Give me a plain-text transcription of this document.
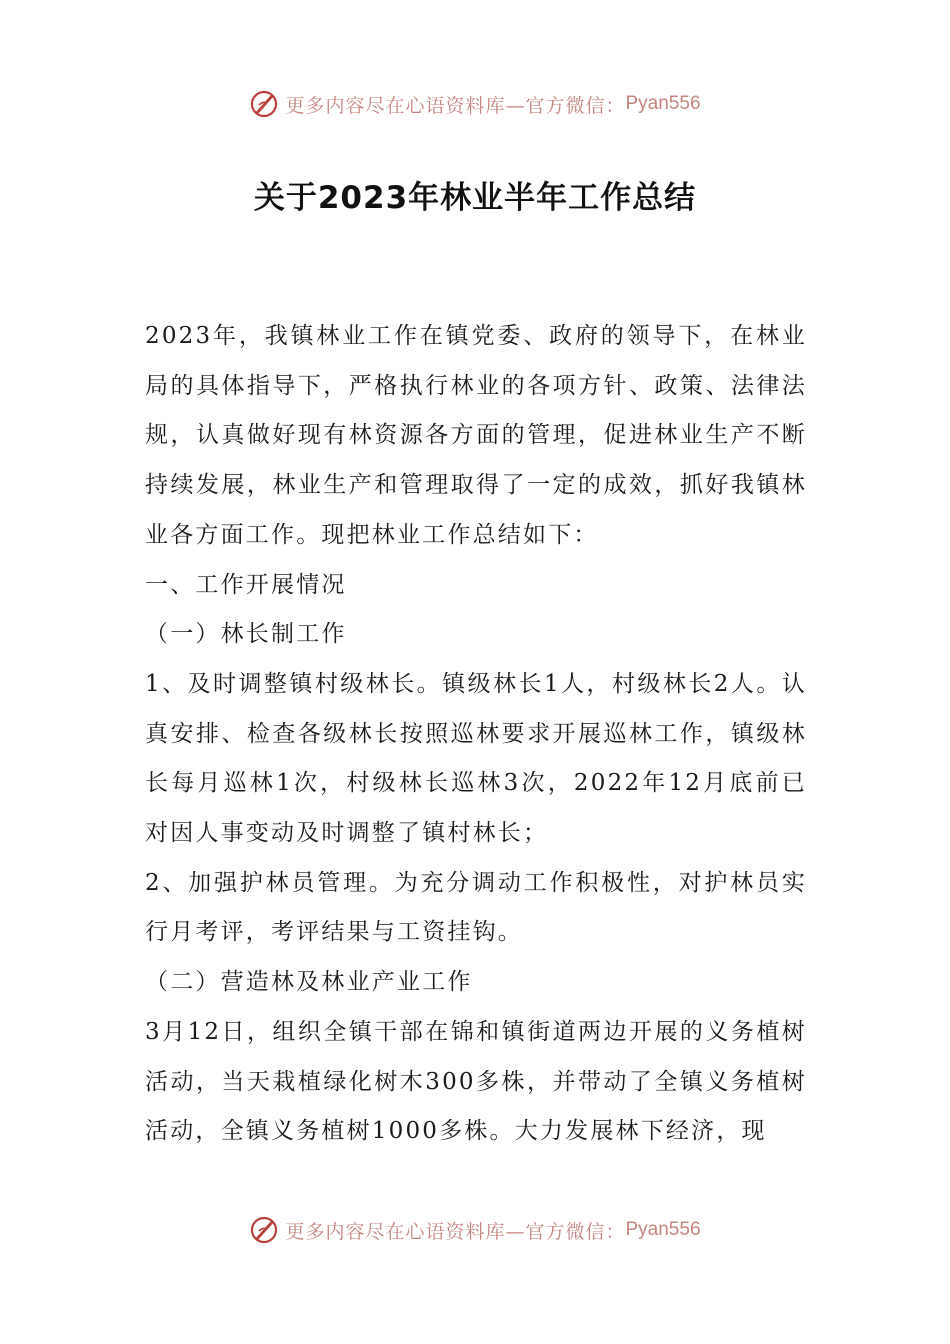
更多内容尽在心语资料库—官方微信： Pyan556
关于2023年林业半年工作总结

2023年，我镇林业工作在镇党委、政府的领导下，在林业局的具体指导下，严格执行林业的各项方针、政策、法律法规，认真做好现有林资源各方面的管理，促进林业生产不断持续发展，林业生产和管理取得了一定的成效，抓好我镇林业各方面工作。现把林业工作总结如下：

一、工作开展情况

（一）林长制工作

1、及时调整镇村级林长。镇级林长1人，村级林长2人。认真安排、检查各级林长按照巡林要求开展巡林工作，镇级林长每月巡林1次，村级林长巡林3次，2022年12月底前已对因人事变动及时调整了镇村林长；

2、加强护林员管理。为充分调动工作积极性，对护林员实行月考评，考评结果与工资挂钩。

（二）营造林及林业产业工作

3月12日，组织全镇干部在锦和镇街道两边开展的义务植树活动，当天栽植绿化树木300多株，并带动了全镇义务植树活动，全镇义务植树1000多株。大力发展林下经济，现

更多内容尽在心语资料库—官方微信： Pyan556
